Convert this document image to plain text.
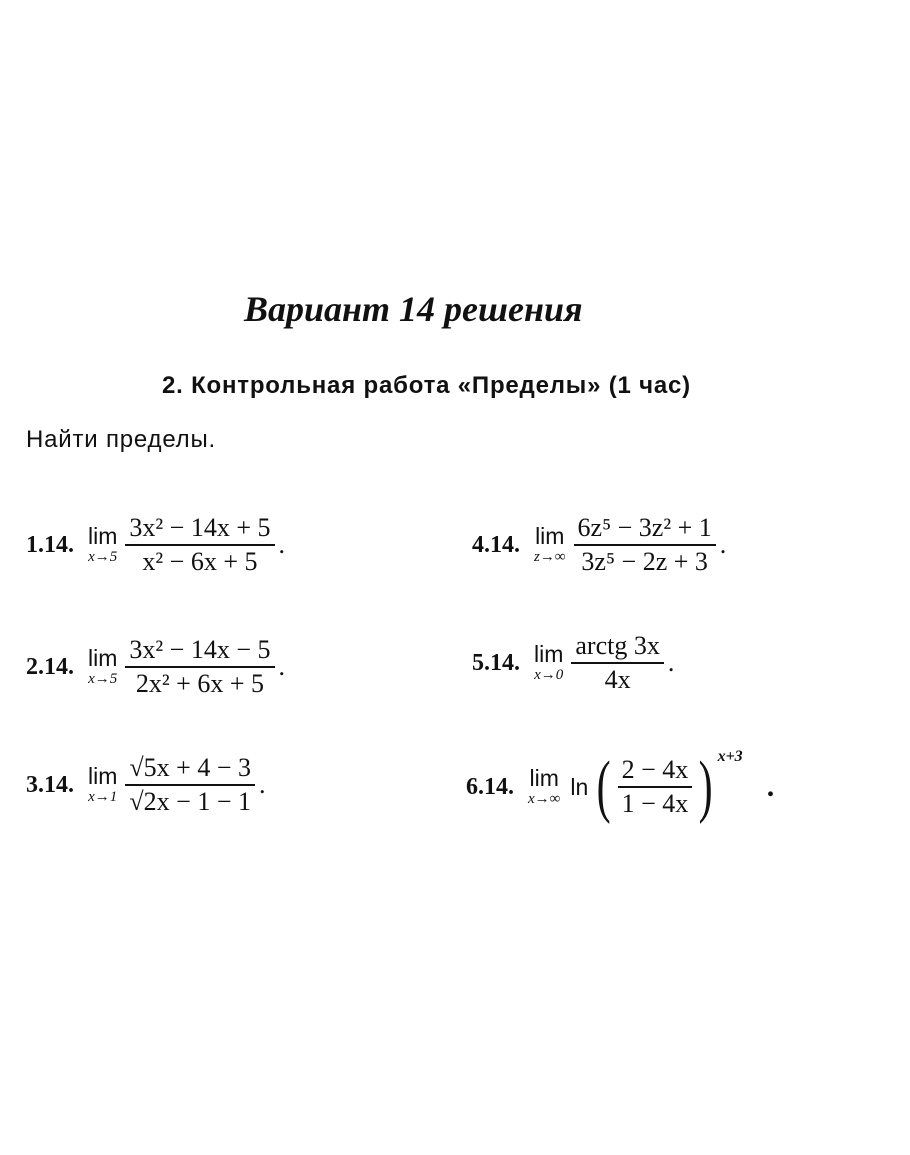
Вариант 14 решения
2. Контрольная работа «Пределы» (1 час)
Найти пределы.
1.14. lim
$x\to 5 \frac{\text{3x² − 14x + 5}}{\text{x² − 6x + 5}}$ .
2.14. lim
$x\to 5 \frac{\text{3x² − 14x − 5}}{\text{2x² + 6x + 5}}$ .
3.14. lim
$x\to 1 \frac{√5x + 4 - 3}{√2x - 1 - 1}$ .
4.14. lim
$z\to\infty \frac{\text{6z⁵ − 3z² + 1}}{\text{3z⁵ − 2z + 3}}$ .
5.14. lim
$x\to 0 \frac{\text{arctg 3x}}{4x}$ .
6.14. lim
x→∞ ln ( $\frac{2 - 4x}{1 - 4x}$ ) x+3
.
